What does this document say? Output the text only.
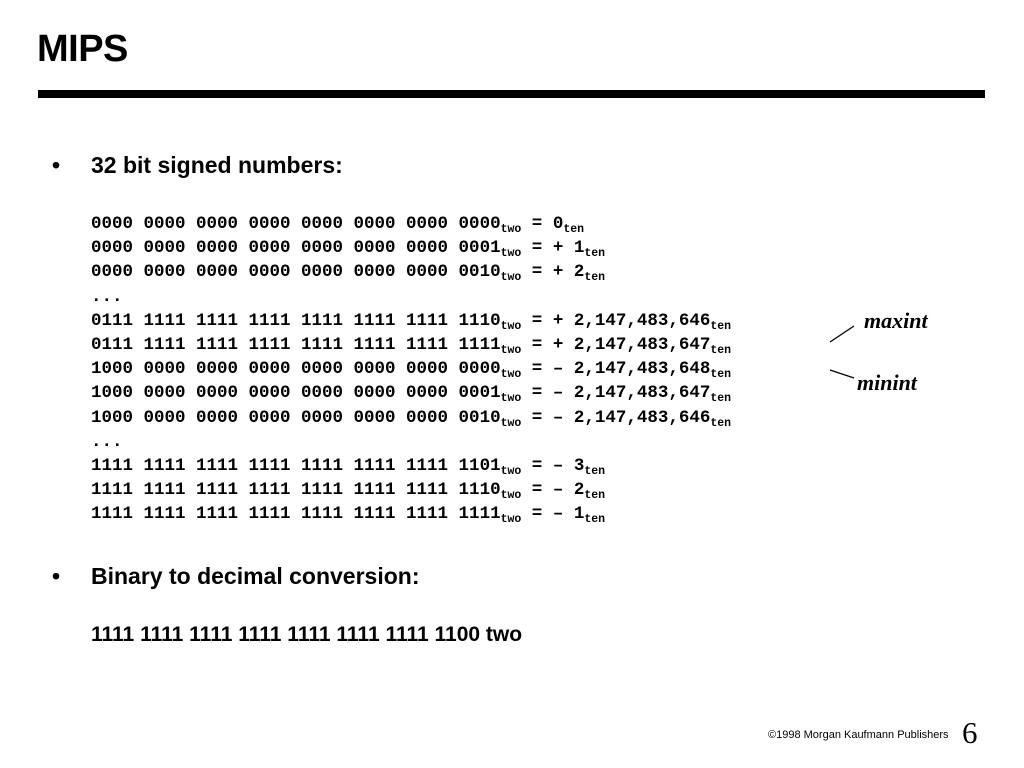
MIPS
• 32 bit signed numbers:
0000 0000 0000 0000 0000 0000 0000 $0000_{two} = 0_{ten}$
0000 0000 0000 0000 0000 0000 0000 $0001_{two}$ = + $1_{ten}$
0000 0000 0000 0000 0000 0000 0000 $0010_{two}$ = + $2_{ten}$
...
0111 1111 1111 1111 1111 1111 1111 $1110_{two}$ = + $2,147,483,646_{ten}$
0111 1111 1111 1111 1111 1111 1111 $1111_{two}$ = + $2,147,483,647_{ten}$
1000 0000 0000 0000 0000 0000 0000 $0000_{two}$ = – $2,147,483,648_{ten}$
1000 0000 0000 0000 0000 0000 0000 $0001_{two}$ = – $2,147,483,647_{ten}$
1000 0000 0000 0000 0000 0000 0000 $0010_{two}$ = – $2,147,483,646_{ten}$
...
1111 1111 1111 1111 1111 1111 1111 $1101_{two}$ = – $3_{ten}$
1111 1111 1111 1111 1111 1111 1111 $1110_{two}$ = – $2_{ten}$
1111 1111 1111 1111 1111 1111 1111 $1111_{two}$ = – $1_{ten}$
maxint
minint
• Binary to decimal conversion:
1111 1111 1111 1111 1111 1111 1111 1100 two
©1998 Morgan Kaufmann Publishers 6
